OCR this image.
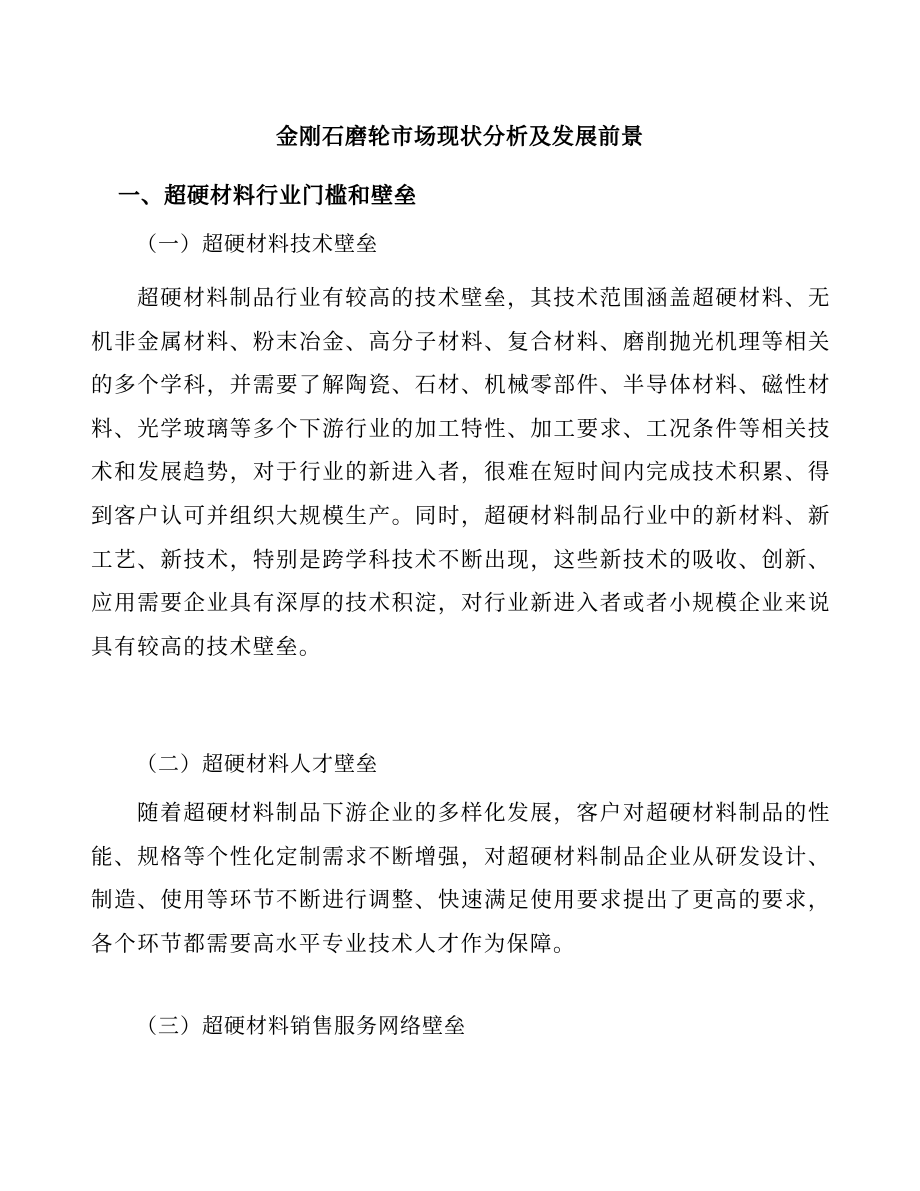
金刚石磨轮市场现状分析及发展前景
一、超硬材料行业门槛和壁垒
（一）超硬材料技术壁垒
超硬材料制品行业有较高的技术壁垒，其技术范围涵盖超硬材料、无机非金属材料、粉末冶金、高分子材料、复合材料、磨削抛光机理等相关的多个学科，并需要了解陶瓷、石材、机械零部件、半导体材料、磁性材料、光学玻璃等多个下游行业的加工特性、加工要求、工况条件等相关技术和发展趋势，对于行业的新进入者，很难在短时间内完成技术积累、得到客户认可并组织大规模生产。同时，超硬材料制品行业中的新材料、新工艺、新技术，特别是跨学科技术不断出现，这些新技术的吸收、创新、应用需要企业具有深厚的技术积淀，对行业新进入者或者小规模企业来说具有较高的技术壁垒。
（二）超硬材料人才壁垒
随着超硬材料制品下游企业的多样化发展，客户对超硬材料制品的性能、规格等个性化定制需求不断增强，对超硬材料制品企业从研发设计、制造、使用等环节不断进行调整、快速满足使用要求提出了更高的要求，各个环节都需要高水平专业技术人才作为保障。
（三）超硬材料销售服务网络壁垒
